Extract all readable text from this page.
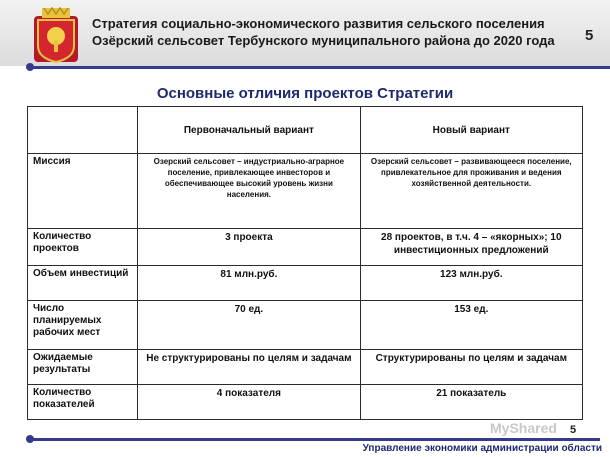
Стратегия социально-экономического развития сельского поселения
Озёрский сельсовет Тербунского муниципального района до 2020 года	5
Основные отличия проектов Стратегии
	Первоначальный вариант	Новый вариант
Миссия	Озерский сельсовет – индустриально-аграрное поселение, привлекающее инвесторов и обеспечивающее высокий уровень жизни населения.	Озерский сельсовет – развивающееся поселение, привлекательное для проживания и ведения хозяйственной деятельности.
Количество проектов	3 проекта	28 проектов, в т.ч. 4 – «якорных»; 10 инвестиционных предложений
Объем инвестиций	81 млн.руб.	123 млн.руб.
Число планируемых рабочих мест	70 ед.	153 ед.
Ожидаемые результаты	Не структурированы по целям и задачам	Структурированы по целям и задачам
Количество показателей	4 показателя	21 показатель
MyShared 5
Управление экономики администрации области
